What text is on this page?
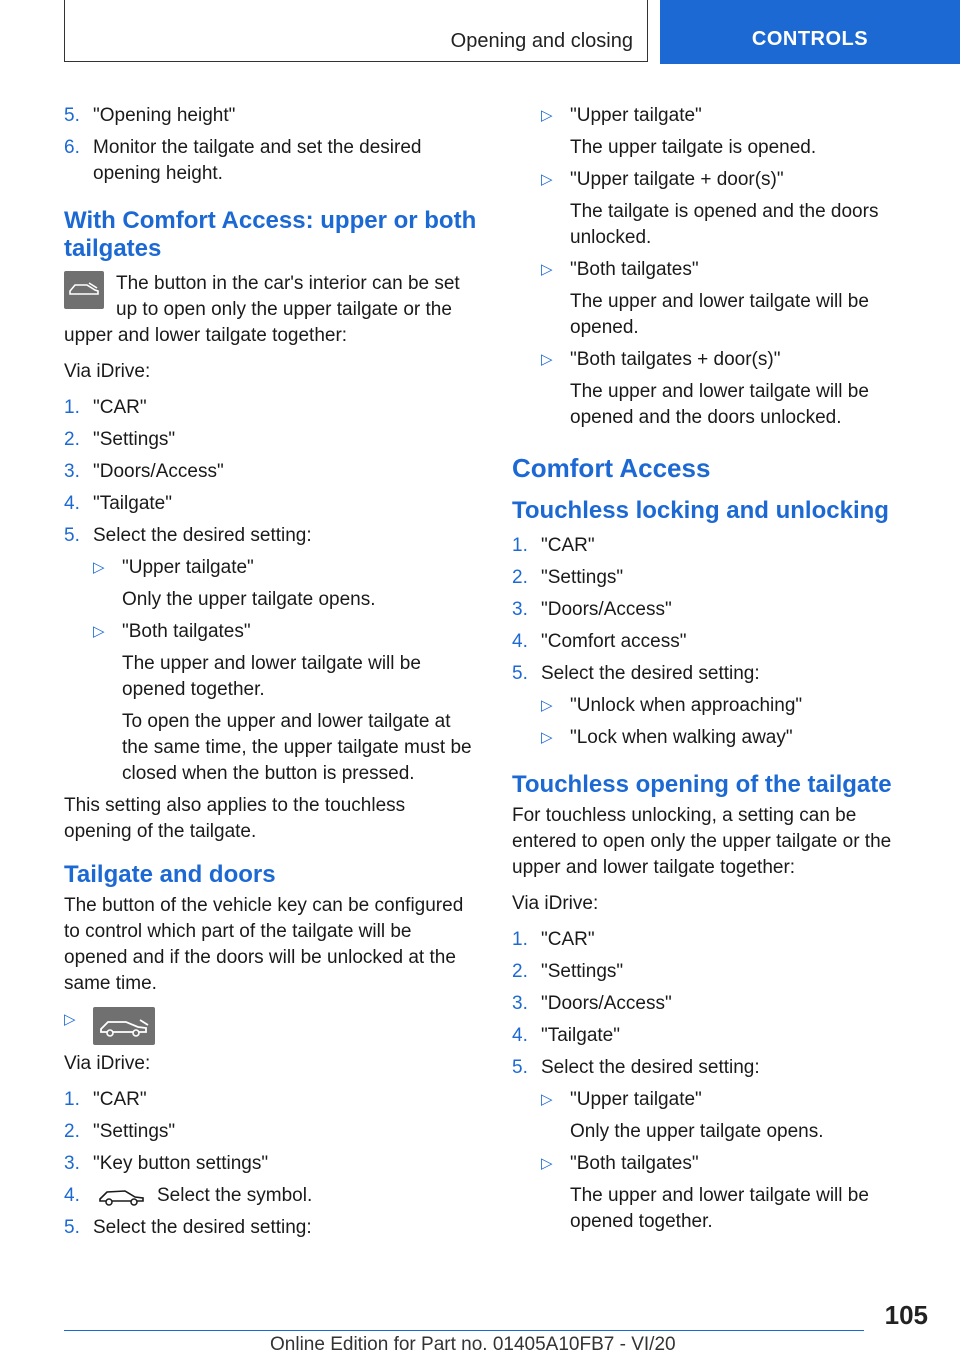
Opening and closing	CONTROLS
5. "Opening height"
6. Monitor the tailgate and set the desired opening height.
With Comfort Access: upper or both tailgates

The button in the car's interior can be set up to open only the upper tailgate or the upper and lower tailgate together:

Via iDrive:

1. "CAR"
2. "Settings"
3. "Doors/Access"
4. "Tailgate"
5. Select the desired setting:
▷ "Upper tailgate"
Only the upper tailgate opens.
▷ "Both tailgates"
The upper and lower tailgate will be opened together.
To open the upper and lower tailgate at the same time, the upper tailgate must be closed when the button is pressed.

This setting also applies to the touchless opening of the tailgate.

Tailgate and doors

The button of the vehicle key can be configured to control which part of the tailgate will be opened and if the doors will be unlocked at the same time.

▷

Via iDrive:

1. "CAR"
2. "Settings"
3. "Key button settings"
4.	Select the symbol.
5. Select the desired setting:
▷ "Upper tailgate"
The upper tailgate is opened.
▷ "Upper tailgate + door(s)"
The tailgate is opened and the doors unlocked.
▷ "Both tailgates"
The upper and lower tailgate will be opened.
▷ "Both tailgates + door(s)"
The upper and lower tailgate will be opened and the doors unlocked.
Comfort Access
Touchless locking and unlocking
1. "CAR"
2. "Settings"
3. "Doors/Access"
4. "Comfort access"
5. Select the desired setting:
▷ "Unlock when approaching"
▷ "Lock when walking away"
Touchless opening of the tailgate

For touchless unlocking, a setting can be entered to open only the upper tailgate or the upper and lower tailgate together:

Via iDrive:

1. "CAR"
2. "Settings"
3. "Doors/Access"
4. "Tailgate"
5. Select the desired setting:
▷ "Upper tailgate"
Only the upper tailgate opens.
▷ "Both tailgates"
The upper and lower tailgate will be opened together.
105
Online Edition for Part no. 01405A10FB7 - VI/20
